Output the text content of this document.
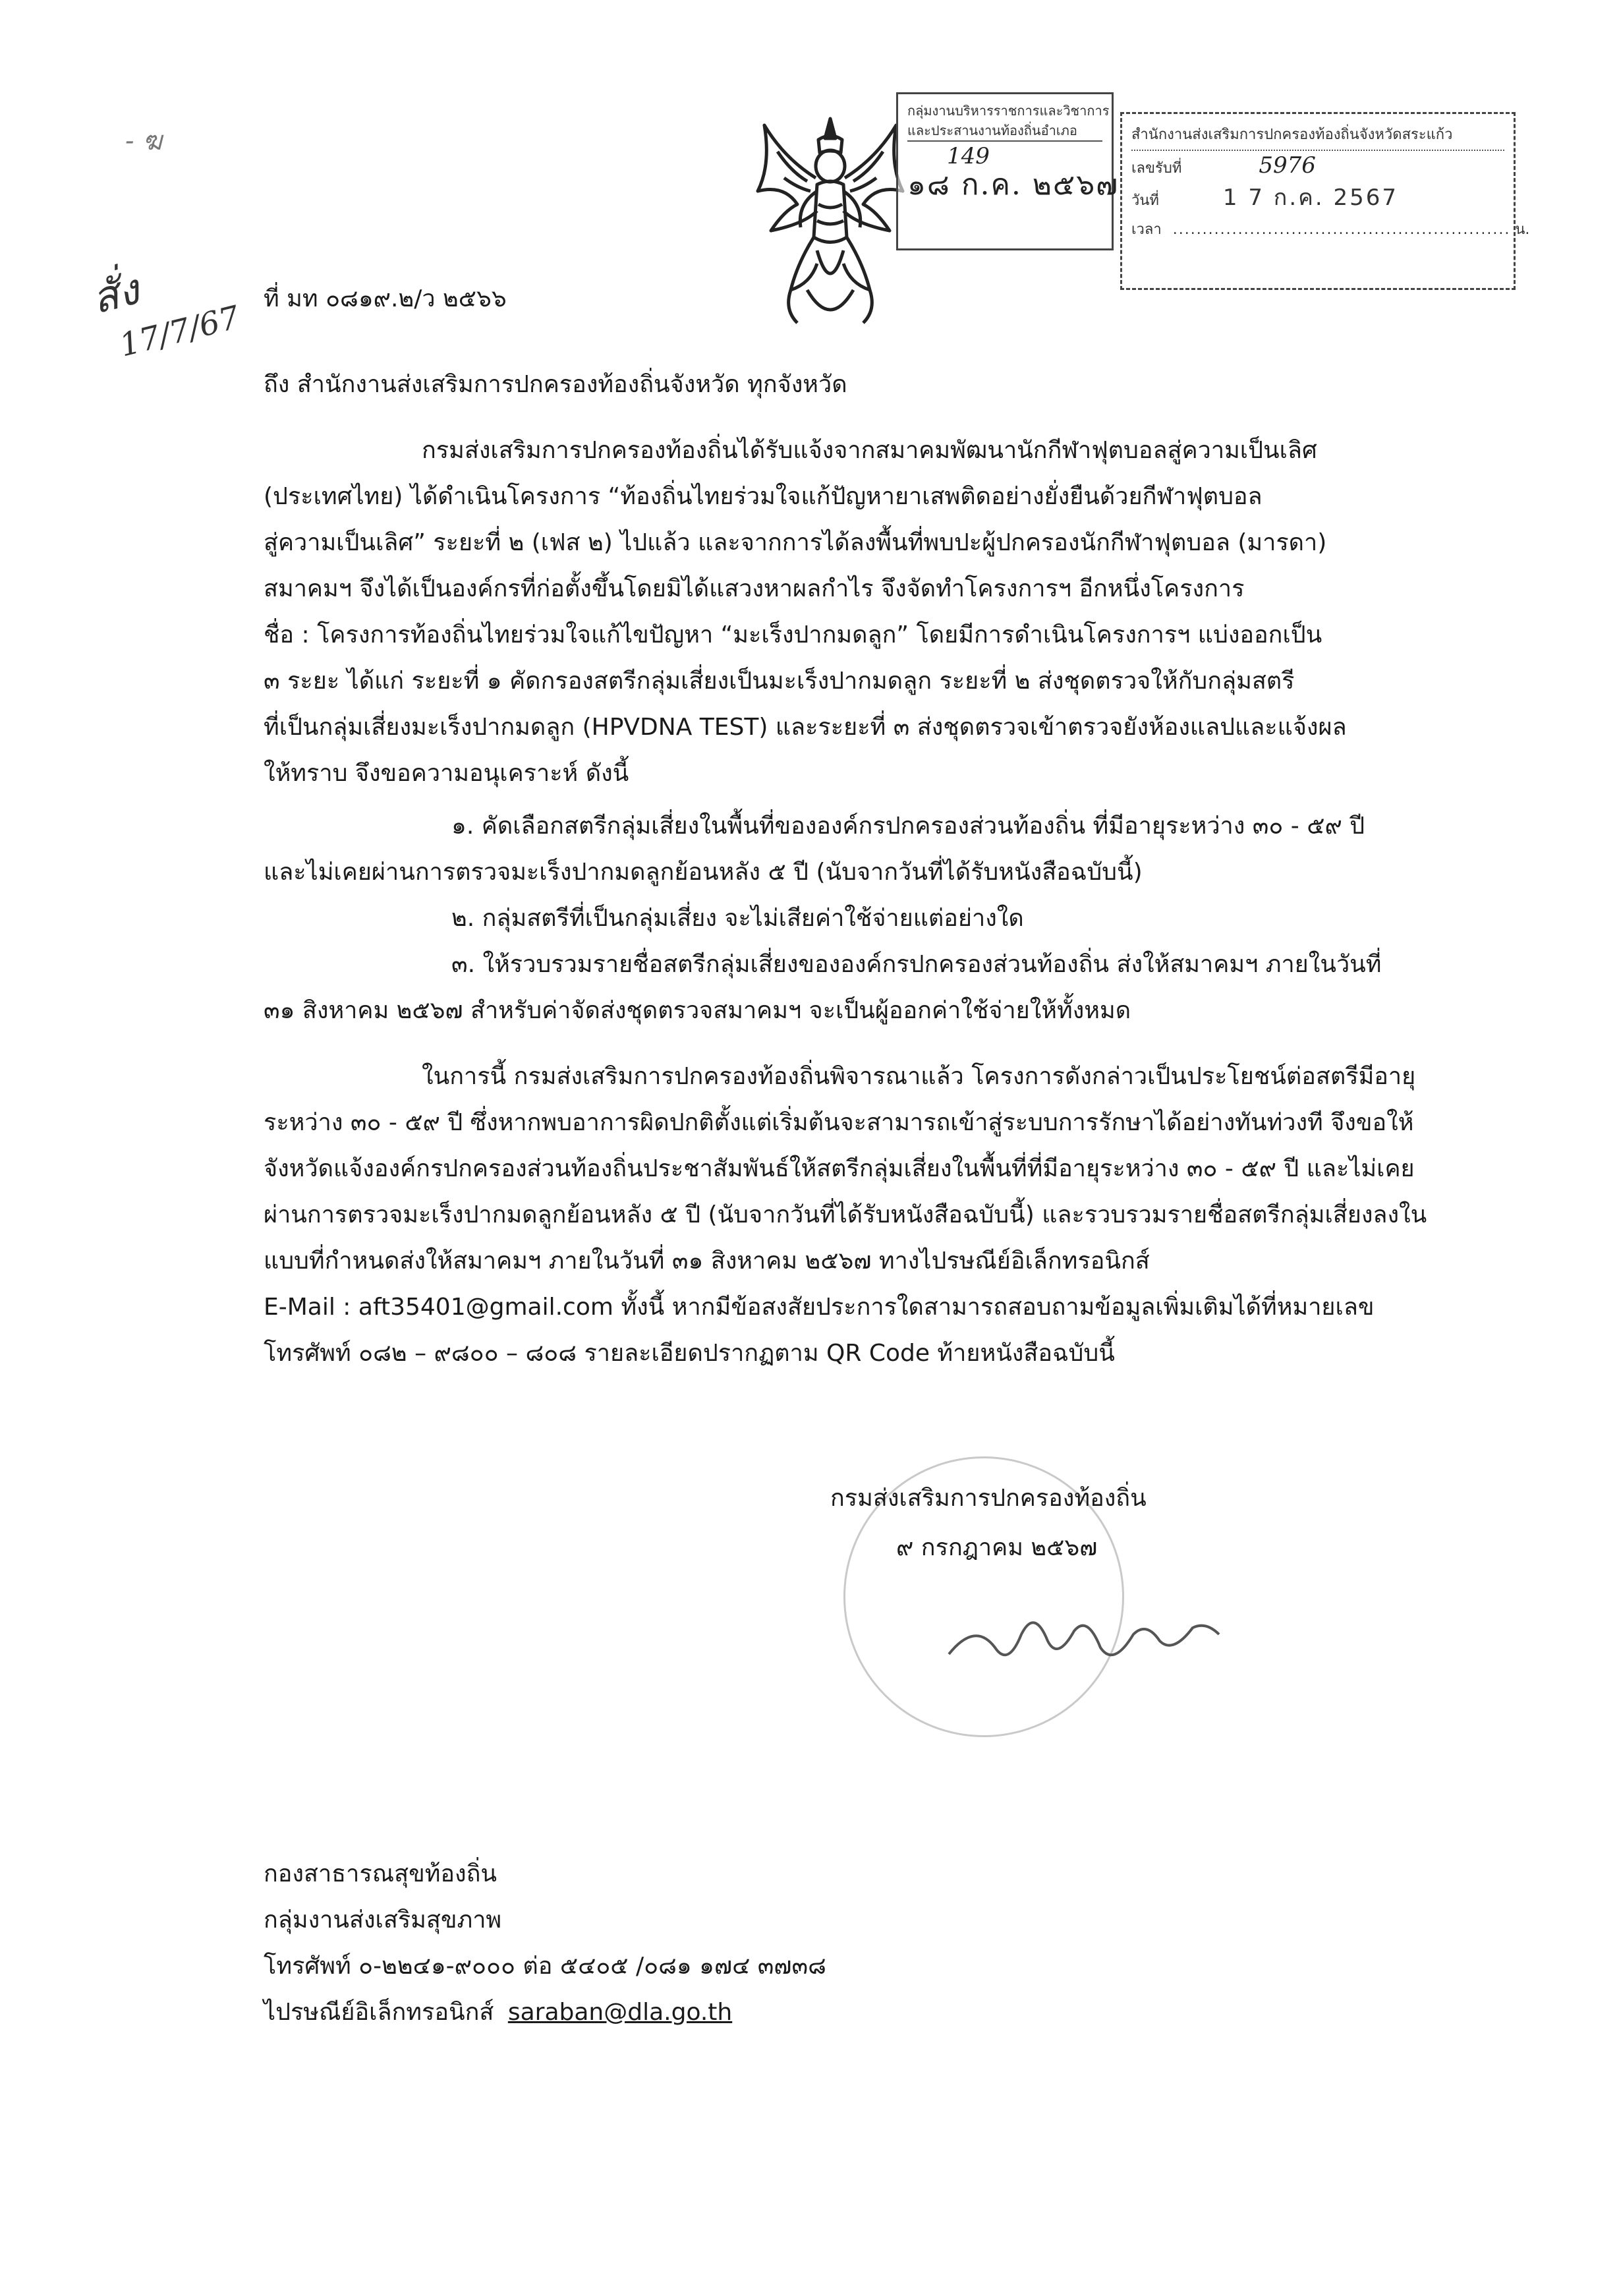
- ฆ
สั่ง
17/7/67
กลุ่มงานบริหารราชการและวิชาการ
และประสานงานท้องถิ่นอำเภอ
149
๑๘ ก.ค. ๒๕๖๗
สำนักงานส่งเสริมการปกครองท้องถิ่นจังหวัดสระแก้ว
เลขรับที่	5976
วันที่	1 7 ก.ค. 2567
เวลา ......................................................... น.
ที่ มท ๐๘๑๙.๒/ว ๒๕๖๖
ถึง สำนักงานส่งเสริมการปกครองท้องถิ่นจังหวัด ทุกจังหวัด
กรมส่งเสริมการปกครองท้องถิ่นได้รับแจ้งจากสมาคมพัฒนานักกีฬาฟุตบอลสู่ความเป็นเลิศ
(ประเทศไทย) ได้ดำเนินโครงการ “ท้องถิ่นไทยร่วมใจแก้ปัญหายาเสพติดอย่างยั่งยืนด้วยกีฬาฟุตบอล
สู่ความเป็นเลิศ” ระยะที่ ๒ (เฟส ๒) ไปแล้ว และจากการได้ลงพื้นที่พบปะผู้ปกครองนักกีฬาฟุตบอล (มารดา)
สมาคมฯ จึงได้เป็นองค์กรที่ก่อตั้งขึ้นโดยมิได้แสวงหาผลกำไร จึงจัดทำโครงการฯ อีกหนึ่งโครงการ
ชื่อ : โครงการท้องถิ่นไทยร่วมใจแก้ไขปัญหา “มะเร็งปากมดลูก” โดยมีการดำเนินโครงการฯ แบ่งออกเป็น
๓ ระยะ ได้แก่ ระยะที่ ๑ คัดกรองสตรีกลุ่มเสี่ยงเป็นมะเร็งปากมดลูก ระยะที่ ๒ ส่งชุดตรวจให้กับกลุ่มสตรี
ที่เป็นกลุ่มเสี่ยงมะเร็งปากมดลูก (HPVDNA TEST) และระยะที่ ๓ ส่งชุดตรวจเข้าตรวจยังห้องแลปและแจ้งผล
ให้ทราบ จึงขอความอนุเคราะห์ ดังนี้
๑. คัดเลือกสตรีกลุ่มเสี่ยงในพื้นที่ขององค์กรปกครองส่วนท้องถิ่น ที่มีอายุระหว่าง ๓๐ - ๕๙ ปี
และไม่เคยผ่านการตรวจมะเร็งปากมดลูกย้อนหลัง ๕ ปี (นับจากวันที่ได้รับหนังสือฉบับนี้)
๒. กลุ่มสตรีที่เป็นกลุ่มเสี่ยง จะไม่เสียค่าใช้จ่ายแต่อย่างใด
๓. ให้รวบรวมรายชื่อสตรีกลุ่มเสี่ยงขององค์กรปกครองส่วนท้องถิ่น ส่งให้สมาคมฯ ภายในวันที่
๓๑ สิงหาคม ๒๕๖๗ สำหรับค่าจัดส่งชุดตรวจสมาคมฯ จะเป็นผู้ออกค่าใช้จ่ายให้ทั้งหมด
ในการนี้ กรมส่งเสริมการปกครองท้องถิ่นพิจารณาแล้ว โครงการดังกล่าวเป็นประโยชน์ต่อสตรีมีอายุ
ระหว่าง ๓๐ - ๕๙ ปี ซึ่งหากพบอาการผิดปกติตั้งแต่เริ่มต้นจะสามารถเข้าสู่ระบบการรักษาได้อย่างทันท่วงที จึงขอให้
จังหวัดแจ้งองค์กรปกครองส่วนท้องถิ่นประชาสัมพันธ์ให้สตรีกลุ่มเสี่ยงในพื้นที่ที่มีอายุระหว่าง ๓๐ - ๕๙ ปี และไม่เคย
ผ่านการตรวจมะเร็งปากมดลูกย้อนหลัง ๕ ปี (นับจากวันที่ได้รับหนังสือฉบับนี้) และรวบรวมรายชื่อสตรีกลุ่มเสี่ยงลงใน
แบบที่กำหนดส่งให้สมาคมฯ ภายในวันที่ ๓๑ สิงหาคม ๒๕๖๗ ทางไปรษณีย์อิเล็กทรอนิกส์
E-Mail : aft35401@gmail.com ทั้งนี้ หากมีข้อสงสัยประการใดสามารถสอบถามข้อมูลเพิ่มเติมได้ที่หมายเลข
โทรศัพท์ ๐๘๒ – ๙๘๐๐ – ๘๐๘ รายละเอียดปรากฏตาม QR Code ท้ายหนังสือฉบับนี้
กรมส่งเสริมการปกครองท้องถิ่น
๙ กรกฎาคม ๒๕๖๗
กองสาธารณสุขท้องถิ่น
กลุ่มงานส่งเสริมสุขภาพ
โทรศัพท์ ๐-๒๒๔๑-๙๐๐๐ ต่อ ๕๔๐๕ /๐๘๑ ๑๗๔ ๓๗๓๘
ไปรษณีย์อิเล็กทรอนิกส์ saraban@dla.go.th
